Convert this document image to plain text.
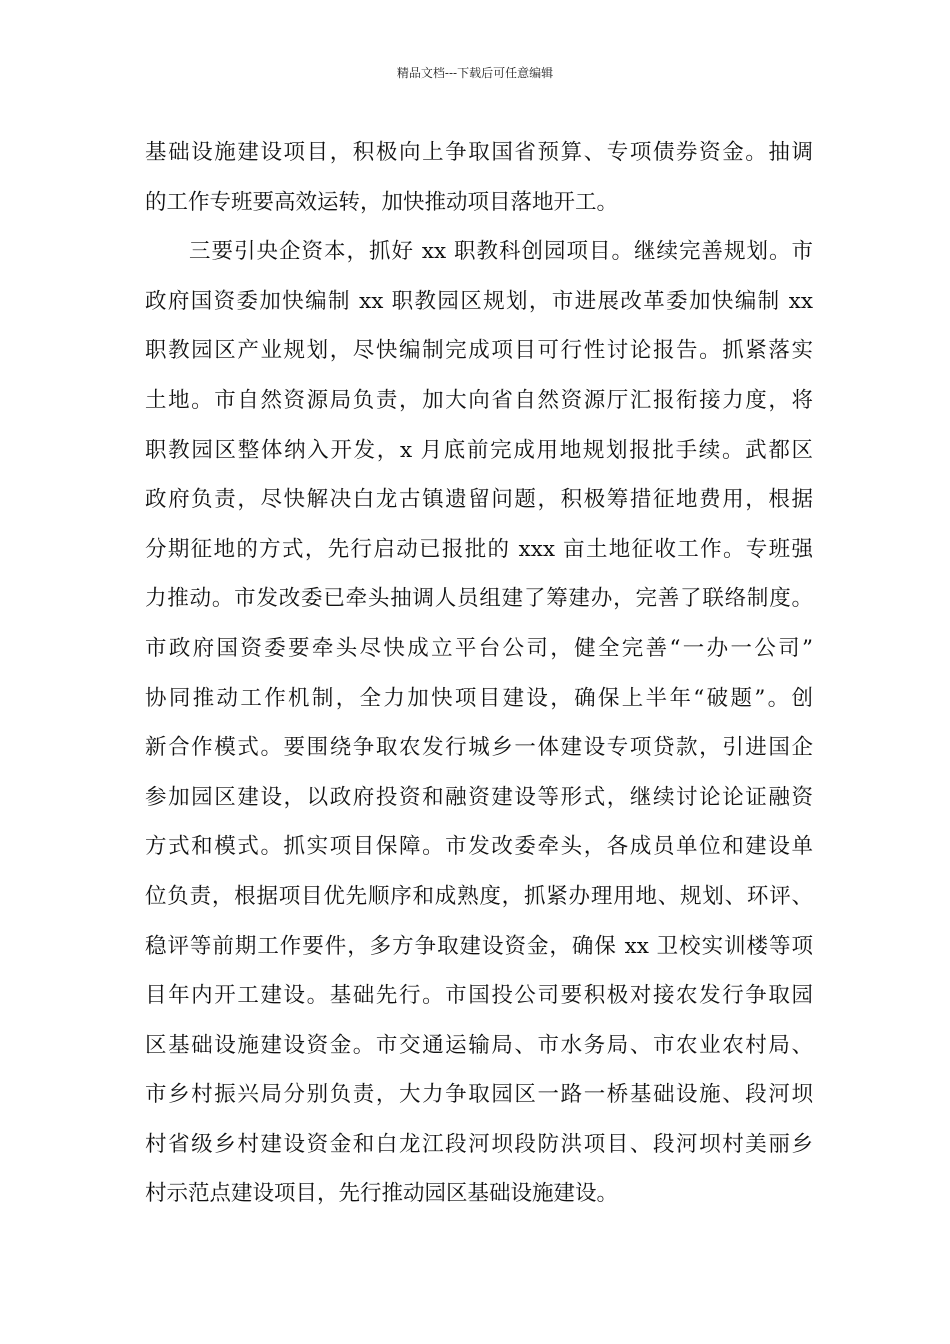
精品文档---下载后可任意编辑
基础设施建设项目，积极向上争取国省预算、专项债券资金。抽调
的工作专班要高效运转，加快推动项目落地开工。
三要引央企资本，抓好 xx 职教科创园项目。继续完善规划。市
政府国资委加快编制 xx 职教园区规划，市进展改革委加快编制 xx
职教园区产业规划，尽快编制完成项目可行性讨论报告。抓紧落实
土地。市自然资源局负责，加大向省自然资源厅汇报衔接力度，将
职教园区整体纳入开发，x 月底前完成用地规划报批手续。武都区
政府负责，尽快解决白龙古镇遗留问题，积极筹措征地费用，根据
分期征地的方式，先行启动已报批的 xxx 亩土地征收工作。专班强
力推动。市发改委已牵头抽调人员组建了筹建办，完善了联络制度。
市政府国资委要牵头尽快成立平台公司，健全完善“一办一公司”
协同推动工作机制，全力加快项目建设，确保上半年“破题”。创
新合作模式。要围绕争取农发行城乡一体建设专项贷款，引进国企
参加园区建设，以政府投资和融资建设等形式，继续讨论论证融资
方式和模式。抓实项目保障。市发改委牵头，各成员单位和建设单
位负责，根据项目优先顺序和成熟度，抓紧办理用地、规划、环评、
稳评等前期工作要件，多方争取建设资金，确保 xx 卫校实训楼等项
目年内开工建设。基础先行。市国投公司要积极对接农发行争取园
区基础设施建设资金。市交通运输局、市水务局、市农业农村局、
市乡村振兴局分别负责，大力争取园区一路一桥基础设施、段河坝
村省级乡村建设资金和白龙江段河坝段防洪项目、段河坝村美丽乡
村示范点建设项目，先行推动园区基础设施建设。
